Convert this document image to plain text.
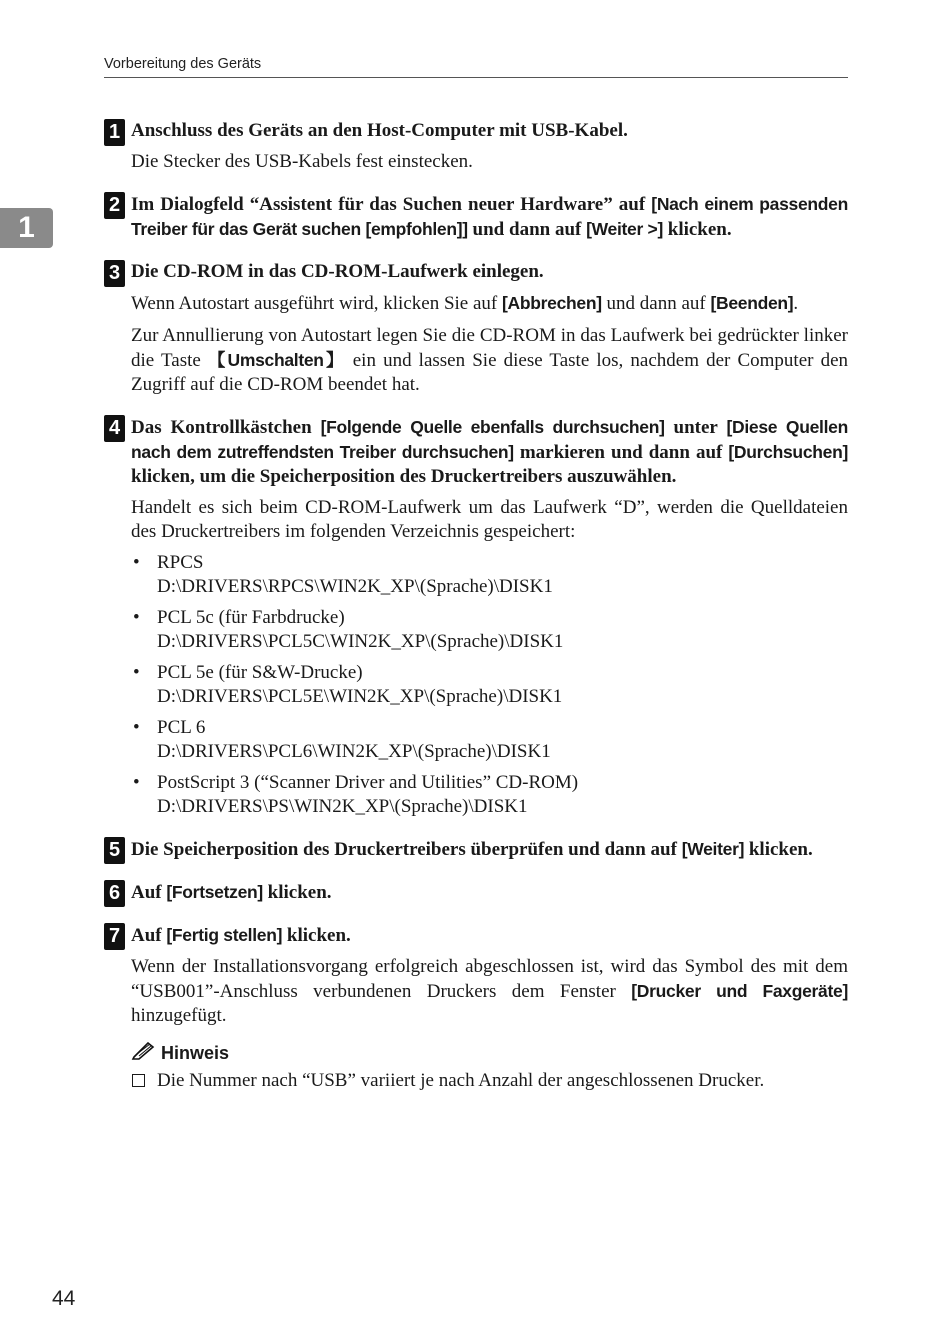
Vorbereitung des Geräts
1
1 Anschluss des Geräts an den Host-Computer mit USB-Kabel.

Die Stecker des USB-Kabels fest einstecken.

2 Im Dialogfeld “Assistent für das Suchen neuer Hardware” auf [Nach einem passenden Treiber für das Gerät suchen [empfohlen]] und dann auf [Weiter >] klicken.

3 Die CD-ROM in das CD-ROM-Laufwerk einlegen.

Wenn Autostart ausgeführt wird, klicken Sie auf [Abbrechen] und dann auf [Beenden].

Zur Annullierung von Autostart legen Sie die CD-ROM in das Laufwerk bei gedrückter linker die Taste 【Umschalten】 ein und lassen Sie diese Taste los, nachdem der Computer den Zugriff auf die CD-ROM beendet hat.

4 Das Kontrollkästchen [Folgende Quelle ebenfalls durchsuchen] unter [Diese Quellen nach dem zutreffendsten Treiber durchsuchen] markieren und dann auf [Durchsuchen] klicken, um die Speicherposition des Druckertreibers auszuwählen.

Handelt es sich beim CD-ROM-Laufwerk um das Laufwerk “D”, werden die Quelldateien des Druckertreibers im folgenden Verzeichnis gespeichert:

• RPCS
D:\DRIVERS\RPCS\WIN2K_XP\(Sprache)\DISK1
• PCL 5c (für Farbdrucke)
D:\DRIVERS\PCL5C\WIN2K_XP\(Sprache)\DISK1
• PCL 5e (für S&W-Drucke)
D:\DRIVERS\PCL5E\WIN2K_XP\(Sprache)\DISK1
• PCL 6
D:\DRIVERS\PCL6\WIN2K_XP\(Sprache)\DISK1
• PostScript 3 (“Scanner Driver and Utilities” CD-ROM)
D:\DRIVERS\PS\WIN2K_XP\(Sprache)\DISK1
5 Die Speicherposition des Druckertreibers überprüfen und dann auf [Weiter] klicken.

6 Auf [Fortsetzen] klicken.

7 Auf [Fertig stellen] klicken.

Wenn der Installationsvorgang erfolgreich abgeschlossen ist, wird das Symbol des mit dem “USB001”-Anschluss verbundenen Druckers dem Fenster [Drucker und Faxgeräte] hinzugefügt.

Hinweis
Die Nummer nach “USB” variiert je nach Anzahl der angeschlossenen Drucker.
44
